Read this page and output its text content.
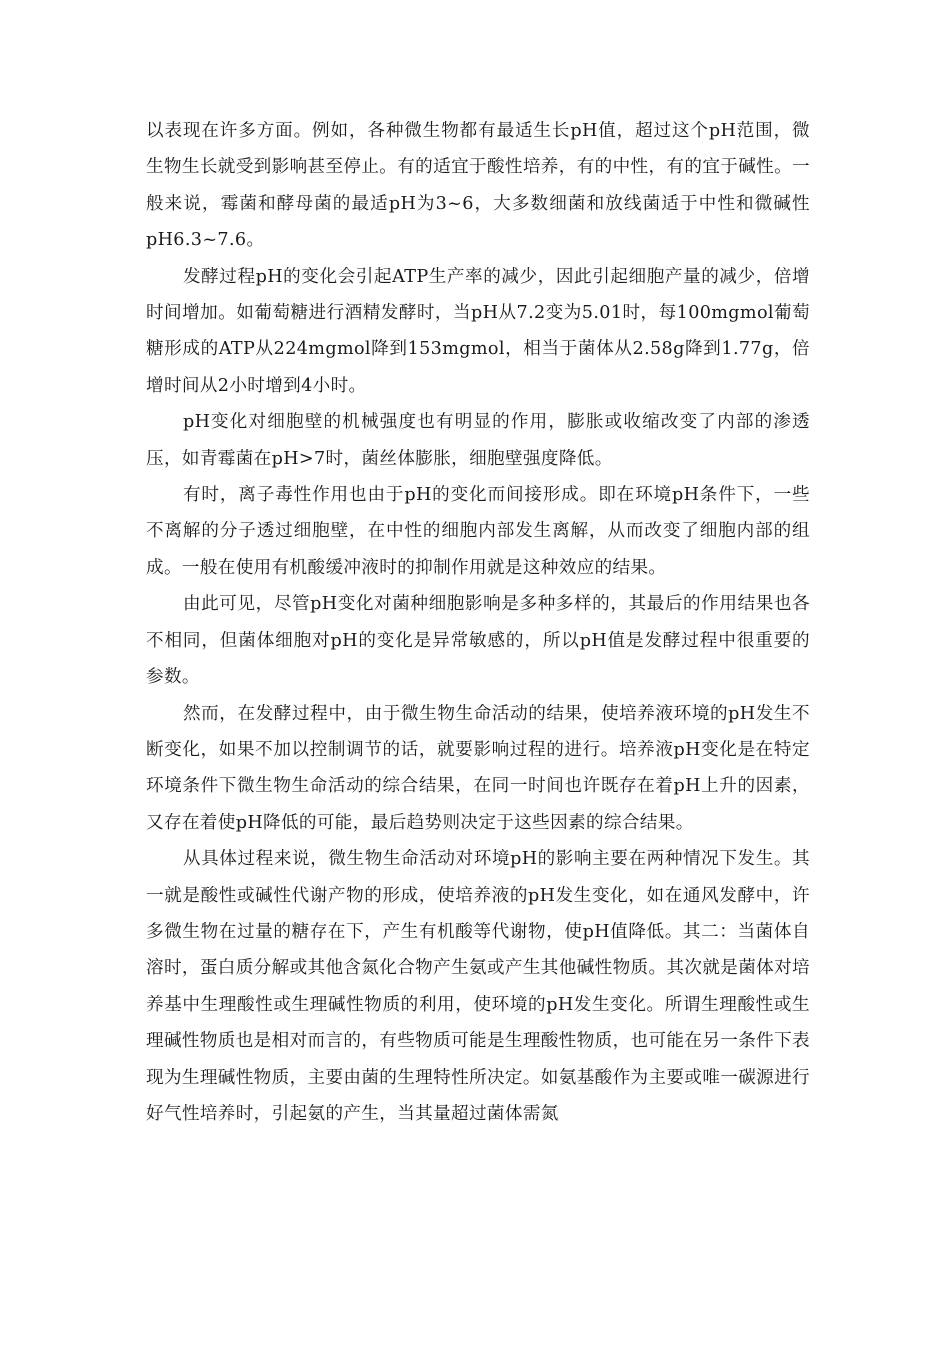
以表现在许多方面。例如，各种微生物都有最适生长pH值，超过这个pH范围，微生物生长就受到影响甚至停止。有的适宜于酸性培养，有的中性，有的宜于碱性。一般来说，霉菌和酵母菌的最适pH为3~6，大多数细菌和放线菌适于中性和微碱性pH6.3~7.6。

发酵过程pH的变化会引起ATP生产率的减少，因此引起细胞产量的减少，倍增时间增加。如葡萄糖进行酒精发酵时，当pH从7.2变为5.01时，每100mgmol葡萄糖形成的ATP从224mgmol降到153mgmol，相当于菌体从2.58g降到1.77g，倍增时间从2小时增到4小时。

pH变化对细胞壁的机械强度也有明显的作用，膨胀或收缩改变了内部的渗透压，如青霉菌在pH>7时，菌丝体膨胀，细胞壁强度降低。

有时，离子毒性作用也由于pH的变化而间接形成。即在环境pH条件下，一些不离解的分子透过细胞壁，在中性的细胞内部发生离解，从而改变了细胞内部的组成。一般在使用有机酸缓冲液时的抑制作用就是这种效应的结果。

由此可见，尽管pH变化对菌种细胞影响是多种多样的，其最后的作用结果也各不相同，但菌体细胞对pH的变化是异常敏感的，所以pH值是发酵过程中很重要的参数。

然而，在发酵过程中，由于微生物生命活动的结果，使培养液环境的pH发生不断变化，如果不加以控制调节的话，就要影响过程的进行。培养液pH变化是在特定环境条件下微生物生命活动的综合结果，在同一时间也许既存在着pH上升的因素，又存在着使pH降低的可能，最后趋势则决定于这些因素的综合结果。

从具体过程来说，微生物生命活动对环境pH的影响主要在两种情况下发生。其一就是酸性或碱性代谢产物的形成，使培养液的pH发生变化，如在通风发酵中，许多微生物在过量的糖存在下，产生有机酸等代谢物，使pH值降低。其二：当菌体自溶时，蛋白质分解或其他含氮化合物产生氨或产生其他碱性物质。其次就是菌体对培养基中生理酸性或生理碱性物质的利用，使环境的pH发生变化。所谓生理酸性或生理碱性物质也是相对而言的，有些物质可能是生理酸性物质，也可能在另一条件下表现为生理碱性物质，主要由菌的生理特性所决定。如氨基酸作为主要或唯一碳源进行好气性培养时，引起氨的产生，当其量超过菌体需氮
